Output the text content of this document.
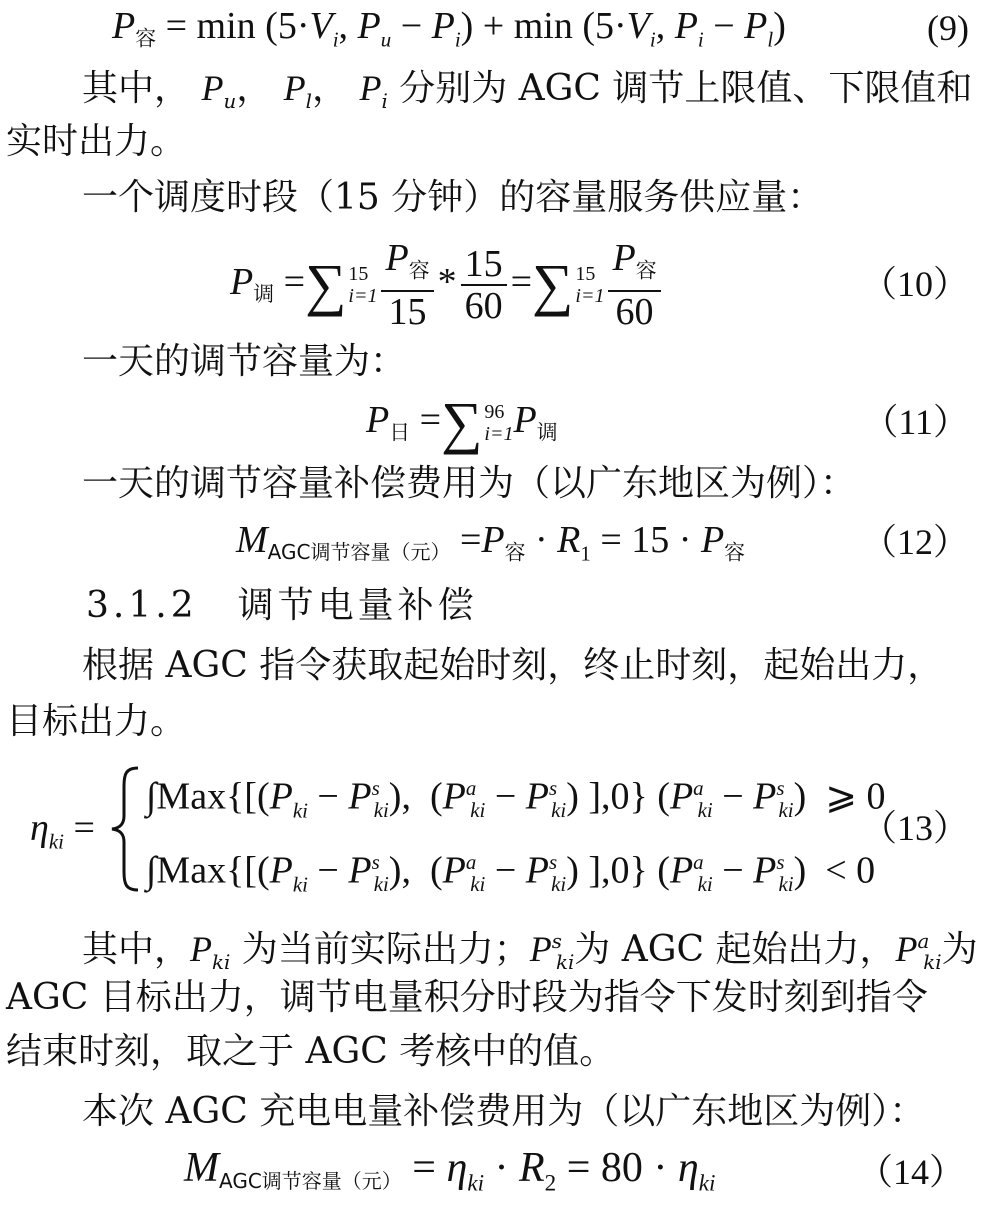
P容 = $\min (5\cdot V_i$, $P_u - P_i) + \min (5\cdot V_i$, $P_i - P_l$)	(9)
其中， $P_u$， $P_l$， $P_i$ 分别为 AGC 调节上限值、下限值和
实时出力。
一个调度时段（15 分钟）的容量服务供应量：
P调 =∑ 15
$i=1 \frac{\text{P容}}{15} * \frac{15}{60}$ =∑ 15
$i=1 \frac{\text{P容}}{60}$	（10）
一天的调节容量为：
P日 =∑ 96
i=1P调	（11）
一天的调节容量补偿费用为（以广东地区为例）：
MAGC调节容量（元） =P容 · $R_1 = 15 \cdot P$容	（12）
3.1.2　调节电量补偿
根据 AGC 指令获取起始时刻，终止时刻，起始出力，
目标出力。
$\eta_{ki}$ =
$\int Max\{[(P_{ki} - P^s_{ki})$,  $(P^a_{ki} - P^s_{ki})$ ],0} $(P^a_{ki} - P^s_{ki})$  ⩾ 0
$\int Max\{[(P_{ki} - P^s_{ki})$,  $(P^a_{ki} - P^s_{ki})$ ],0} $(P^a_{ki} - P^s_{ki}) < 0$
（13）
其中，$P_{ki}$ 为当前实际出力；$P^s_{ki}$为 AGC 起始出力，$P^a_{ki}$为
AGC 目标出力，调节电量积分时段为指令下发时刻到指令
结束时刻，取之于 AGC 考核中的值。
本次 AGC 充电电量补偿费用为（以广东地区为例）：
MAGC调节容量（元） = $\eta_{ki} \cdot R_2 = 80 \cdot \eta_{ki}$	（14）
